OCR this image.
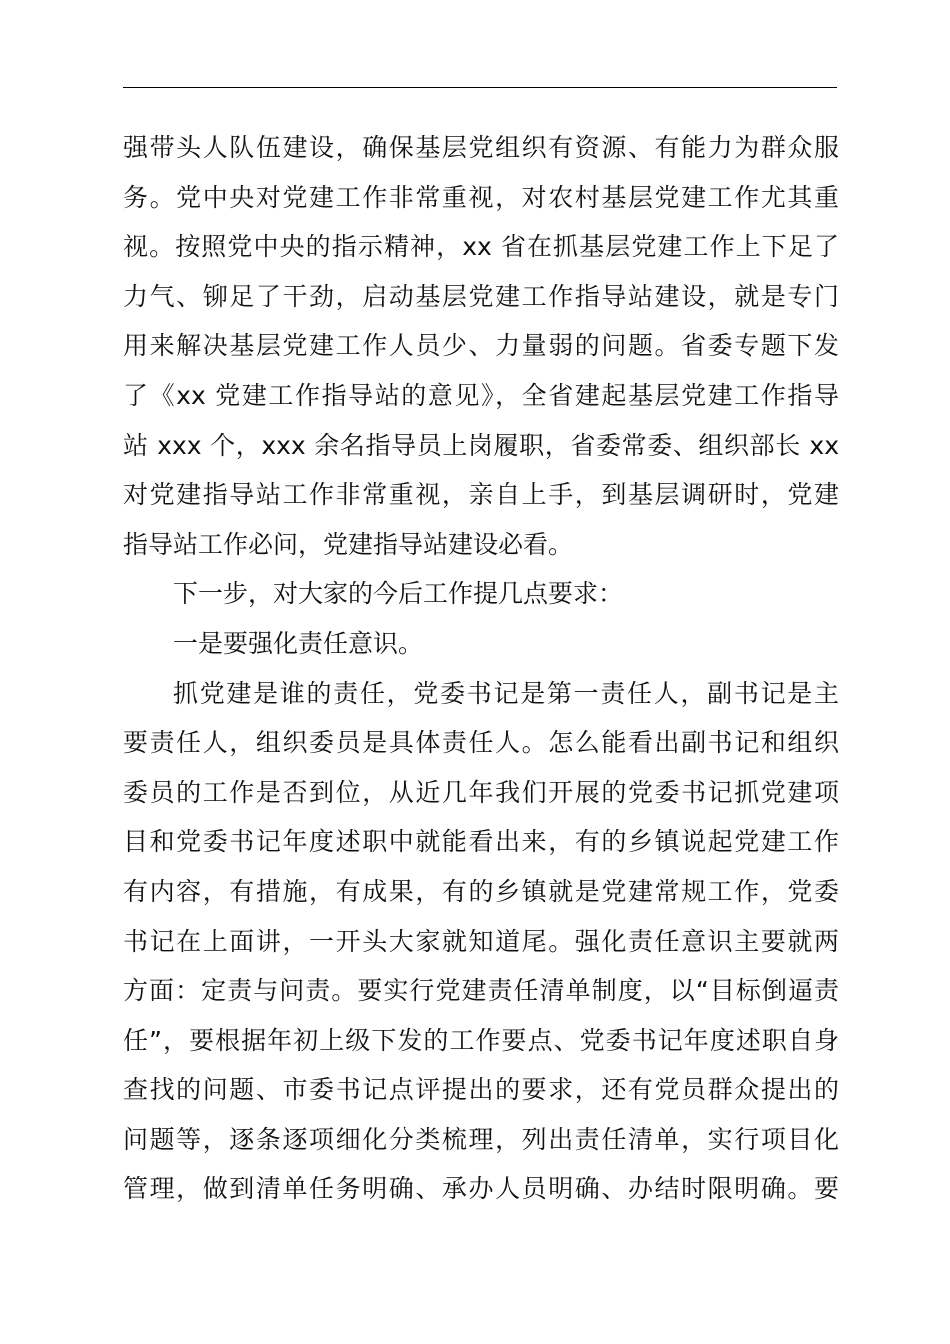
强带头人队伍建设，确保基层党组织有资源、有能力为群众服
务。党中央对党建工作非常重视，对农村基层党建工作尤其重
视。按照党中央的指示精神，xx 省在抓基层党建工作上下足了
力气、铆足了干劲，启动基层党建工作指导站建设，就是专门
用来解决基层党建工作人员少、力量弱的问题。省委专题下发
了《xx 党建工作指导站的意见》，全省建起基层党建工作指导
站 xxx 个，xxx 余名指导员上岗履职，省委常委、组织部长 xx
对党建指导站工作非常重视，亲自上手，到基层调研时，党建
指导站工作必问，党建指导站建设必看。
下一步，对大家的今后工作提几点要求：
一是要强化责任意识。
抓党建是谁的责任，党委书记是第一责任人，副书记是主
要责任人，组织委员是具体责任人。怎么能看出副书记和组织
委员的工作是否到位，从近几年我们开展的党委书记抓党建项
目和党委书记年度述职中就能看出来，有的乡镇说起党建工作
有内容，有措施，有成果，有的乡镇就是党建常规工作，党委
书记在上面讲，一开头大家就知道尾。强化责任意识主要就两
方面：定责与问责。要实行党建责任清单制度，以“目标倒逼责
任”，要根据年初上级下发的工作要点、党委书记年度述职自身
查找的问题、市委书记点评提出的要求，还有党员群众提出的
问题等，逐条逐项细化分类梳理，列出责任清单，实行项目化
管理，做到清单任务明确、承办人员明确、办结时限明确。要
